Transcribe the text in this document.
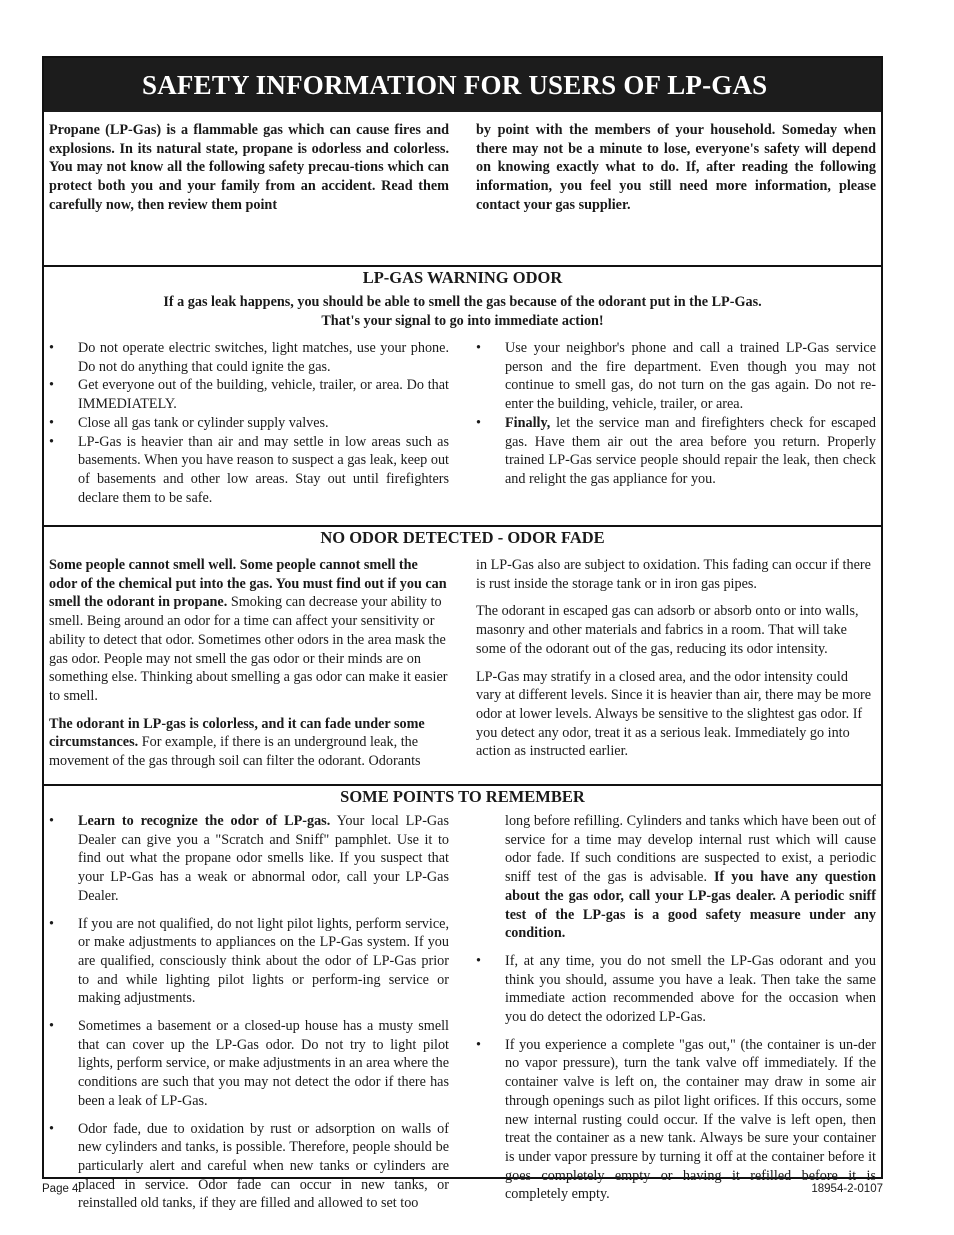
SAFETY INFORMATION FOR USERS OF LP-GAS

Propane (LP-Gas) is a flammable gas which can cause fires and explosions. In its natural state, propane is odorless and colorless. You may not know all the following safety precau-tions which can protect both you and your family from an accident. Read them carefully now, then review them point

by point with the members of your household. Someday when there may not be a minute to lose, everyone's safety will depend on knowing exactly what to do. If, after reading the following information, you feel you still need more information, please contact your gas supplier.

LP-GAS WARNING ODOR
If a gas leak happens, you should be able to smell the gas because of the odorant put in the LP-Gas.
That's your signal to go into immediate action!
• Do not operate electric switches, light matches, use your phone. Do not do anything that could ignite the gas.
• Get everyone out of the building, vehicle, trailer, or area. Do that IMMEDIATELY.
• Close all gas tank or cylinder supply valves.
• LP-Gas is heavier than air and may settle in low areas such as basements. When you have reason to suspect a gas leak, keep out of basements and other low areas. Stay out until firefighters declare them to be safe.
• Use your neighbor's phone and call a trained LP-Gas service person and the fire department. Even though you may not continue to smell gas, do not turn on the gas again. Do not re-enter the building, vehicle, trailer, or area.
• Finally, let the service man and firefighters check for escaped gas. Have them air out the area before you return. Properly trained LP-Gas service people should repair the leak, then check and relight the gas appliance for you.
NO ODOR DETECTED - ODOR FADE

Some people cannot smell well. Some people cannot smell the odor of the chemical put into the gas. You must find out if you can smell the odorant in propane. Smoking can decrease your ability to smell. Being around an odor for a time can affect your sensitivity or ability to detect that odor. Sometimes other odors in the area mask the gas odor. People may not smell the gas odor or their minds are on something else. Thinking about smelling a gas odor can make it easier to smell.

The odorant in LP-gas is colorless, and it can fade under some circumstances. For example, if there is an underground leak, the movement of the gas through soil can filter the odorant. Odorants

in LP-Gas also are subject to oxidation. This fading can occur if there is rust inside the storage tank or in iron gas pipes.

The odorant in escaped gas can adsorb or absorb onto or into walls, masonry and other materials and fabrics in a room. That will take some of the odorant out of the gas, reducing its odor intensity.

LP-Gas may stratify in a closed area, and the odor intensity could vary at different levels. Since it is heavier than air, there may be more odor at lower levels. Always be sensitive to the slightest gas odor. If you detect any odor, treat it as a serious leak. Immediately go into action as instructed earlier.

SOME POINTS TO REMEMBER
• Learn to recognize the odor of LP-gas. Your local LP-Gas Dealer can give you a "Scratch and Sniff" pamphlet. Use it to find out what the propane odor smells like. If you suspect that your LP-Gas has a weak or abnormal odor, call your LP-Gas Dealer.
• If you are not qualified, do not light pilot lights, perform service, or make adjustments to appliances on the LP-Gas system. If you are qualified, consciously think about the odor of LP-Gas prior to and while lighting pilot lights or perform-ing service or making adjustments.
• Sometimes a basement or a closed-up house has a musty smell that can cover up the LP-Gas odor. Do not try to light pilot lights, perform service, or make adjustments in an area where the conditions are such that you may not detect the odor if there has been a leak of LP-Gas.
• Odor fade, due to oxidation by rust or adsorption on walls of new cylinders and tanks, is possible. Therefore, people should be particularly alert and careful when new tanks or cylinders are placed in service. Odor fade can occur in new tanks, or reinstalled old tanks, if they are filled and allowed to set too
long before refilling. Cylinders and tanks which have been out of service for a time may develop internal rust which will cause odor fade. If such conditions are suspected to exist, a periodic sniff test of the gas is advisable. If you have any question about the gas odor, call your LP-gas dealer. A periodic sniff test of the LP-gas is a good safety measure under any condition.
• If, at any time, you do not smell the LP-Gas odorant and you think you should, assume you have a leak. Then take the same immediate action recommended above for the occasion when you do detect the odorized LP-Gas.
• If you experience a complete "gas out," (the container is un-der no vapor pressure), turn the tank valve off immediately. If the container valve is left on, the container may draw in some air through openings such as pilot light orifices. If this occurs, some new internal rusting could occur. If the valve is left open, then treat the container as a new tank. Always be sure your container is under vapor pressure by turning it off at the container before it goes completely empty or having it refilled before it is completely empty.
Page 4	18954-2-0107
